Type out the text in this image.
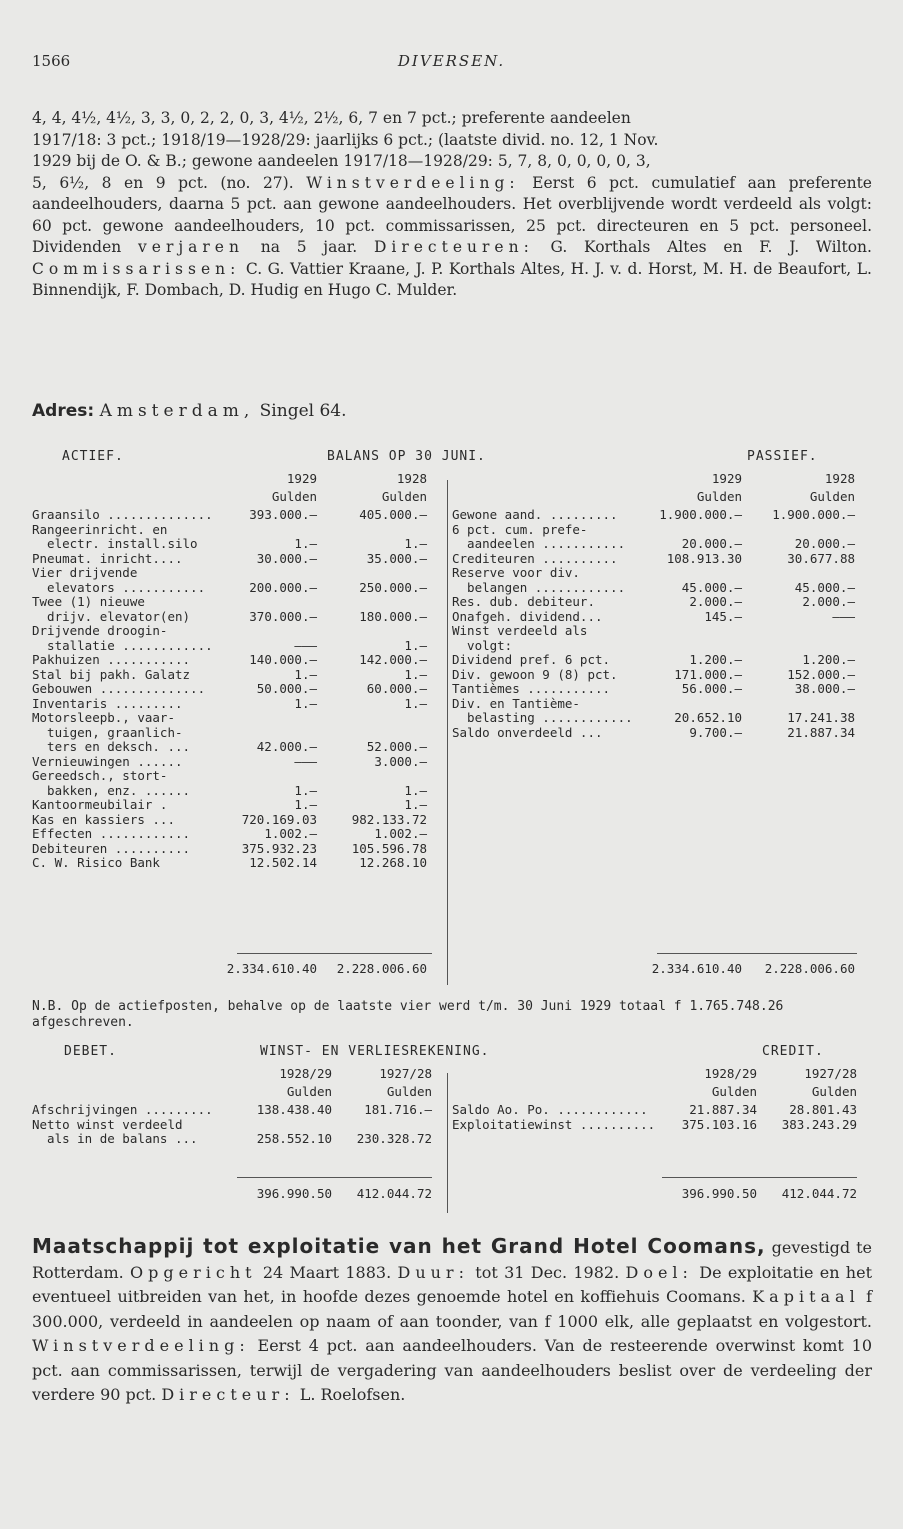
1566	DIVERSEN.

4, 4, 4½, 4½, 3, 3, 0, 2, 2, 0, 3, 4½, 2½, 6, 7 en 7 pct.; preferente aandeelen

1917/18: 3 pct.; 1918/19—1928/29: jaarlijks 6 pct.; (laatste divid. no. 12, 1 Nov.

1929 bij de O. & B.; gewone aandeelen 1917/18—1928/29: 5, 7, 8, 0, 0, 0, 0, 3,

5, 6½, 8 en 9 pct. (no. 27). Winstverdeeling: Eerst 6 pct. cumulatief aan preferente aandeelhouders, daarna 5 pct. aan gewone aandeelhouders. Het overblijvende wordt verdeeld als volgt: 60 pct. gewone aandeelhouders, 10 pct. commissarissen, 25 pct. directeuren en 5 pct. personeel. Dividenden verjaren na 5 jaar. Directeuren: G. Korthals Altes en F. J. Wilton. Commissarissen: C. G. Vattier Kraane, J. P. Korthals Altes, H. J. v. d. Horst, M. H. de Beaufort, L. Binnendijk, F. Dombach, D. Hudig en Hugo C. Mulder.

Adres: Amsterdam, Singel 64.
ACTIEF.	BALANS OP 30 JUNI.	PASSIEF.
1929	1928
Gulden	Gulden
1929	1928
Gulden	Gulden
Graansilo ..............	393.000.—	405.000.—
Rangeerinricht. en
electr. install.silo	1.—	1.—
Pneumat. inricht....	30.000.—	35.000.—
Vier drijvende
elevators ...........	200.000.—	250.000.—
Twee (1) nieuwe
drijv. elevator(en)	370.000.—	180.000.—
Drijvende droogin-
stallatie ............	———	1.—
Pakhuizen ...........	140.000.—	142.000.—
Stal bij pakh. Galatz	1.—	1.—
Gebouwen ..............	50.000.—	60.000.—
Inventaris .........	1.—	1.—
Motorsleepb., vaar-
tuigen, graanlich-
ters en deksch. ...	42.000.—	52.000.—
Vernieuwingen ......	———	3.000.—
Gereedsch., stort-
bakken, enz. ......	1.—	1.—
Kantoormeubilair .	1.—	1.—
Kas en kassiers ...	720.169.03	982.133.72
Effecten ............	1.002.—	1.002.—
Debiteuren ..........	375.932.23	105.596.78
C. W. Risico Bank	12.502.14	12.268.10
Gewone aand. .........	1.900.000.—	1.900.000.—
6 pct. cum. prefe-
aandeelen ...........	20.000.—	20.000.—
Crediteuren ..........	108.913.30	30.677.88
Reserve voor div.
belangen ............	45.000.—	45.000.—
Res. dub. debiteur.	2.000.—	2.000.—
Onafgeh. dividend...	145.—	———
Winst verdeeld als
volgt:
Dividend pref. 6 pct.	1.200.—	1.200.—
Div. gewoon 9 (8) pct.	171.000.—	152.000.—
Tantièmes ...........	56.000.—	38.000.—
Div. en Tantième-
belasting ............	20.652.10	17.241.38
Saldo onverdeeld ...	9.700.—	21.887.34
2.334.610.40	2.228.006.60	2.334.610.40	2.228.006.60
N.B. Op de actiefposten, behalve op de laatste vier werd t/m. 30 Juni 1929 totaal f 1.765.748.26 afgeschreven.
DEBET.	WINST- EN VERLIESREKENING.	CREDIT.
1928/29	1927/28
Gulden	Gulden
1928/29	1927/28
Gulden	Gulden
Afschrijvingen .........	138.438.40	181.716.—
Netto winst verdeeld
als in de balans ...	258.552.10	230.328.72
Saldo Ao. Po. ............	21.887.34	28.801.43
Exploitatiewinst ..........	375.103.16	383.243.29
396.990.50	412.044.72	396.990.50	412.044.72

Maatschappij tot exploitatie van het Grand Hotel Coomans, gevestigd te Rotterdam. Opgericht 24 Maart 1883. Duur: tot 31 Dec. 1982. Doel: De exploitatie en het eventueel uitbreiden van het, in hoofde dezes genoemde hotel en koffiehuis Coomans. Kapitaal f 300.000, verdeeld in aandeelen op naam of aan toonder, van f 1000 elk, alle geplaatst en volgestort. Winstverdeeling: Eerst 4 pct. aan aandeelhouders. Van de resteerende overwinst komt 10 pct. aan commissarissen, terwijl de vergadering van aandeelhouders beslist over de verdeeling der verdere 90 pct. Directeur: L. Roelofsen.
